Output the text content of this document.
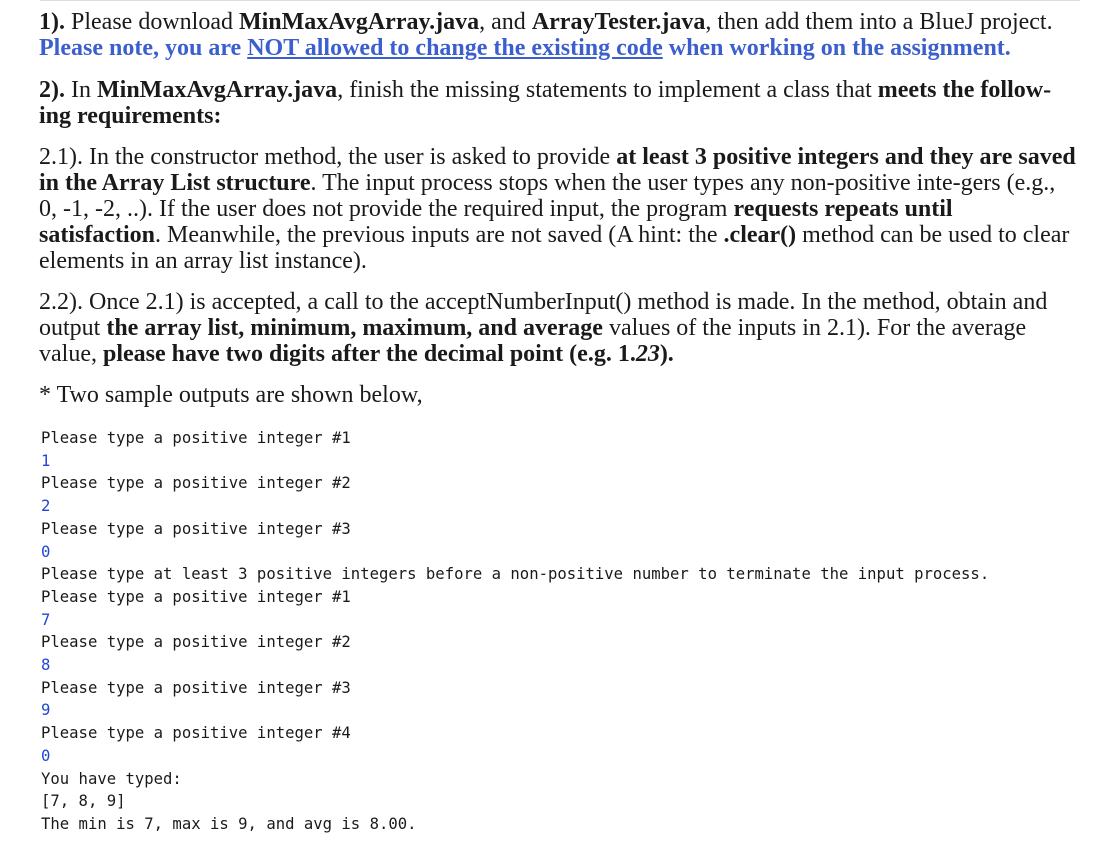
1). Please download MinMaxAvgArray.java, and ArrayTester.java, then add them into a BlueJ project.
Please note, you are NOT allowed to change the existing code when working on the assignment.

2). In MinMaxAvgArray.java, finish the missing statements to implement a class that meets the follow-ing requirements:

2.1). In the constructor method, the user is asked to provide at least 3 positive integers and they are saved in the Array List structure. The input process stops when the user types any non-positive inte-gers (e.g., 0, -1, -2, ..). If the user does not provide the required input, the program requests repeats until satisfaction. Meanwhile, the previous inputs are not saved (A hint: the .clear() method can be used to clear elements in an array list instance).

2.2). Once 2.1) is accepted, a call to the acceptNumberInput() method is made. In the method, obtain and output the array list, minimum, maximum, and average values of the inputs in 2.1). For the average value, please have two digits after the decimal point (e.g. 1.23).

* Two sample outputs are shown below,

Please type a positive integer #1
1
Please type a positive integer #2
2
Please type a positive integer #3
0
Please type at least 3 positive integers before a non-positive number to terminate the input process.
Please type a positive integer #1
7
Please type a positive integer #2
8
Please type a positive integer #3
9
Please type a positive integer #4
0
You have typed:
[7, 8, 9]
The min is 7, max is 9, and avg is 8.00.
